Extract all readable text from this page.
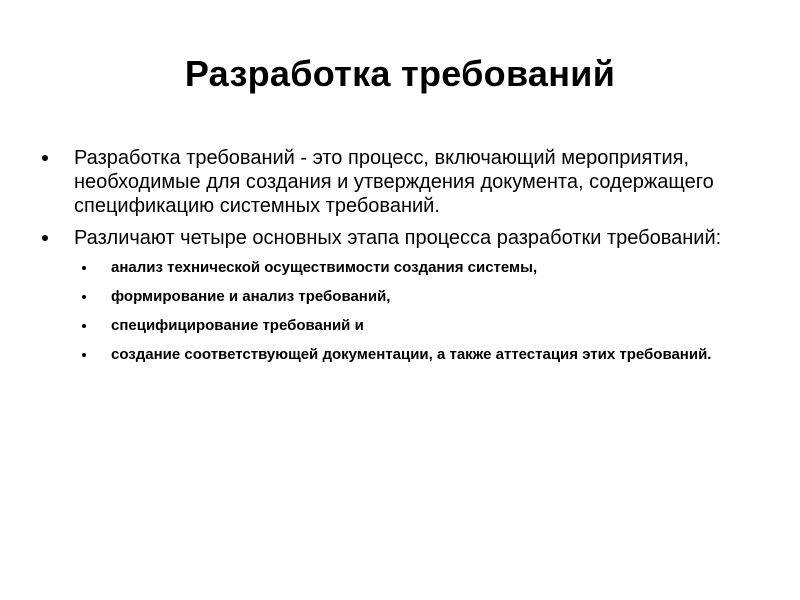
Разработка требований
Разработка требований - это процесс, включающий мероприятия, необходимые для создания и утверждения документа, содержащего спецификацию системных требований.
Различают четыре основных этапа процесса разработки требований:
анализ технической осуществимости создания системы,
формирование и анализ требований,
специфицирование требований и
создание соответствующей документации, а также аттестация этих требований.
